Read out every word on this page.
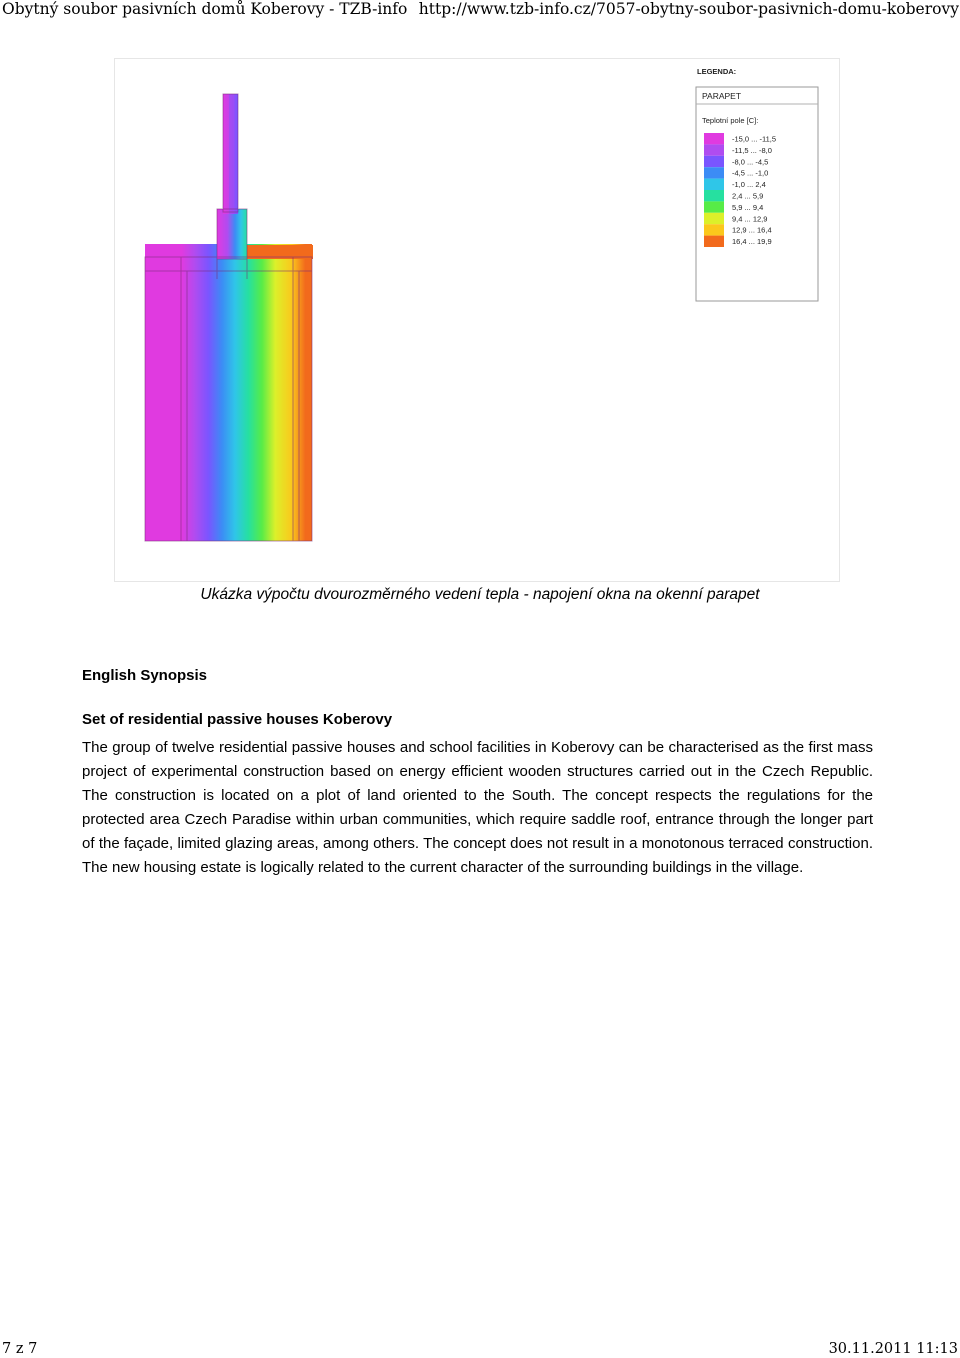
Obytný soubor pasivních domů Koberovy - TZB-info http://www.tzb-info.cz/7057-obytny-soubor-pasivnich-domu-koberovy
LEGENDA:
PARAPET
Teplotní pole [C]:
-15,0 ... -11,5
-11,5 ... -8,0
-8,0 ... -4,5
-4,5 ... -1,0
-1,0 ... 2,4
2,4 ... 5,9
5,9 ... 9,4
9,4 ... 12,9
12,9 ... 16,4
16,4 ... 19,9
Ukázka výpočtu dvourozměrného vedení tepla - napojení okna na okenní parapet
English Synopsis
Set of residential passive houses Koberovy

The group of twelve residential passive houses and school facilities in Koberovy can be characterised as the first mass project of experimental construction based on energy efficient wooden structures carried out in the Czech Republic. The construction is located on a plot of land oriented to the South. The concept respects the regulations for the protected area Czech Paradise within urban communities, which require saddle roof, entrance through the longer part of the façade, limited glazing areas, among others. The concept does not result in a monotonous terraced construction. The new housing estate is logically related to the current character of the surrounding buildings in the village.

7 z 7	30.11.2011 11:13
